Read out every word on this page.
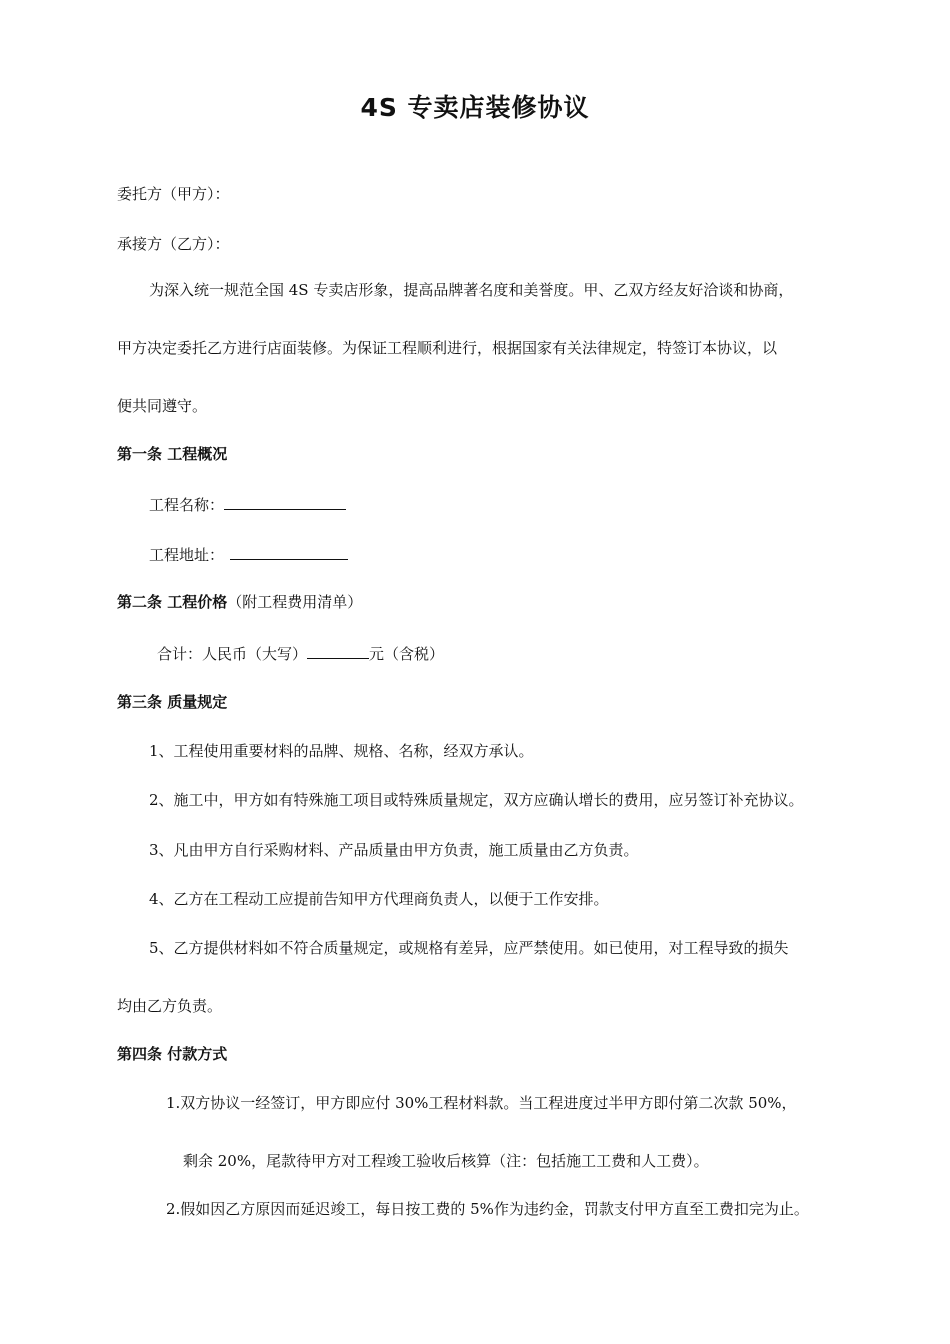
4S 专卖店装修协议
委托方（甲方）：
承接方（乙方）：
为深入统一规范全国 4S 专卖店形象，提高品牌著名度和美誉度。甲、乙双方经友好洽谈和协商，
甲方决定委托乙方进行店面装修。为保证工程顺利进行，根据国家有关法律规定，特签订本协议，以
便共同遵守。
第一条 工程概况
工程名称：
工程地址：
第二条 工程价格（附工程费用清单）
合计：人民币（大写）	元（含税）
第三条 质量规定
1、工程使用重要材料的品牌、规格、名称，经双方承认。
2、施工中，甲方如有特殊施工项目或特殊质量规定，双方应确认增长的费用，应另签订补充协议。
3、凡由甲方自行采购材料、产品质量由甲方负责，施工质量由乙方负责。
4、乙方在工程动工应提前告知甲方代理商负责人，以便于工作安排。
5、乙方提供材料如不符合质量规定，或规格有差异，应严禁使用。如已使用，对工程导致的损失
均由乙方负责。
第四条 付款方式
1.双方协议一经签订，甲方即应付 30%工程材料款。当工程进度过半甲方即付第二次款 50%，
剩余 20%，尾款待甲方对工程竣工验收后核算（注：包括施工工费和人工费）。
2.假如因乙方原因而延迟竣工，每日按工费的 5%作为违约金，罚款支付甲方直至工费扣完为止。
